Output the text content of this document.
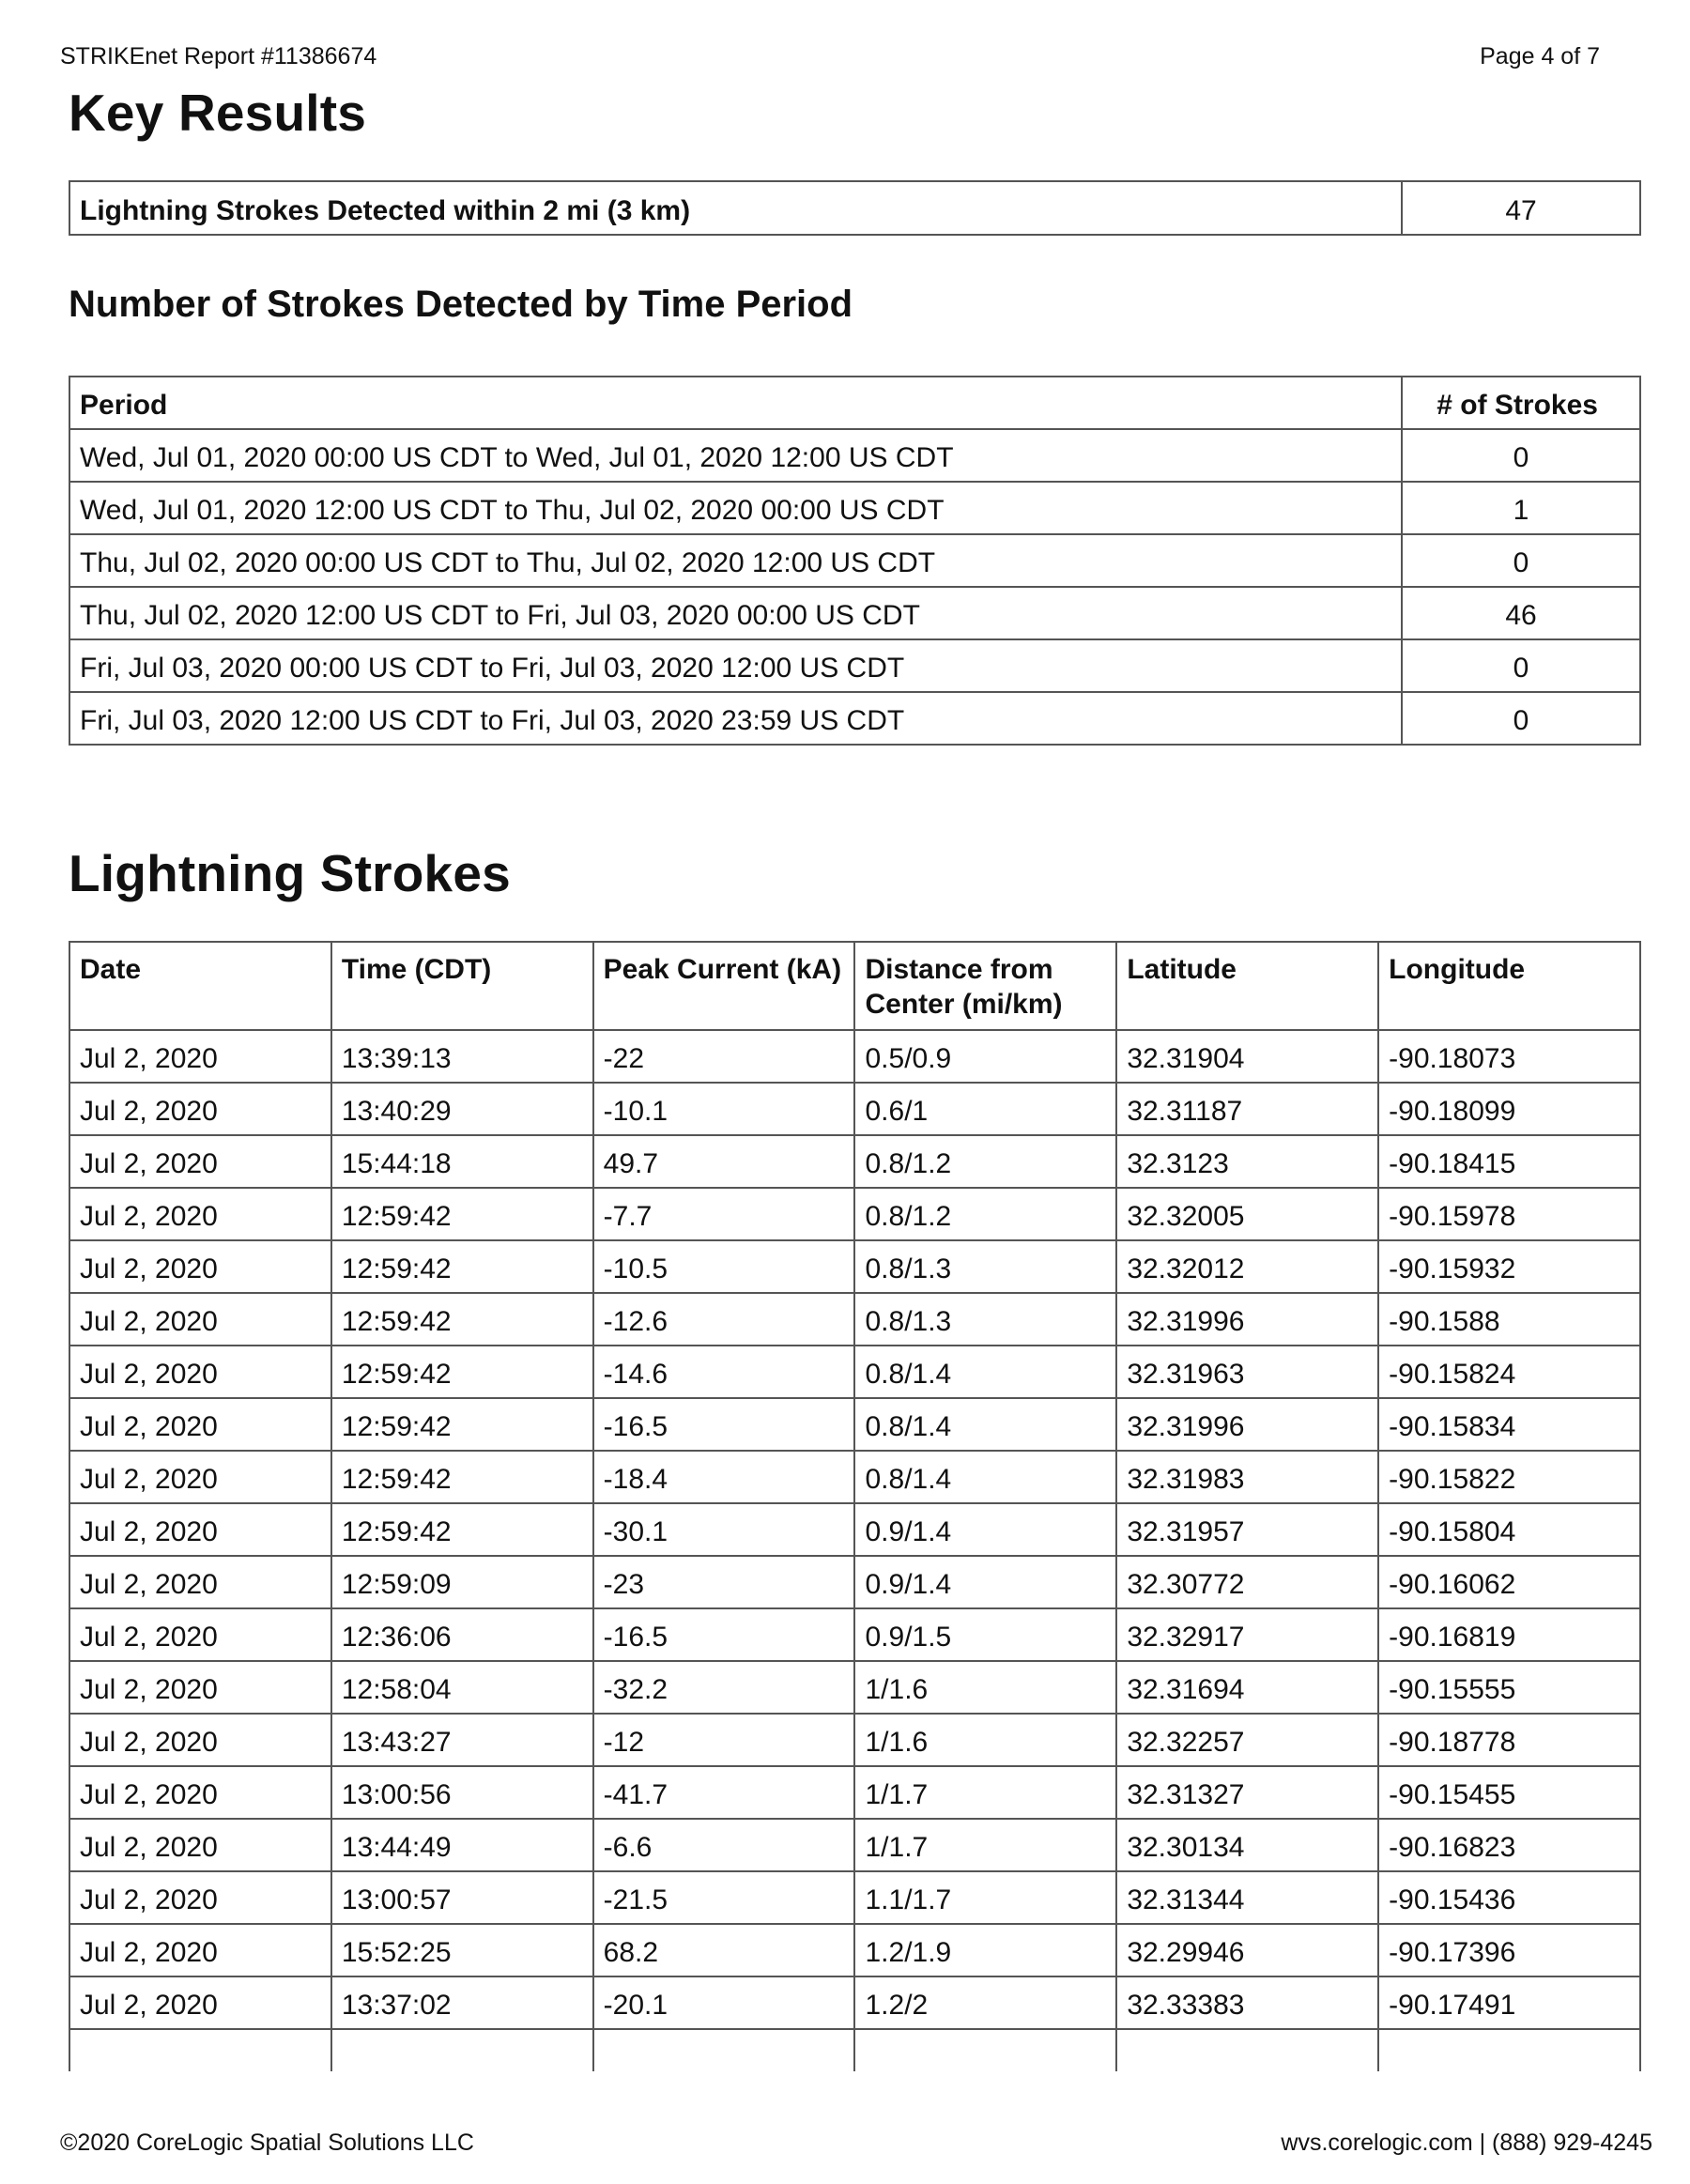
STRIKEnet Report #11386674	Page 4 of 7
Key Results
Lightning Strokes Detected within 2 mi (3 km)	47
Number of Strokes Detected by Time Period
Period	# of Strokes
Wed, Jul 01, 2020 00:00 US CDT to Wed, Jul 01, 2020 12:00 US CDT	0
Wed, Jul 01, 2020 12:00 US CDT to Thu, Jul 02, 2020 00:00 US CDT	1
Thu, Jul 02, 2020 00:00 US CDT to Thu, Jul 02, 2020 12:00 US CDT	0
Thu, Jul 02, 2020 12:00 US CDT to Fri, Jul 03, 2020 00:00 US CDT	46
Fri, Jul 03, 2020 00:00 US CDT to Fri, Jul 03, 2020 12:00 US CDT	0
Fri, Jul 03, 2020 12:00 US CDT to Fri, Jul 03, 2020 23:59 US CDT	0
Lightning Strokes
Date	Time (CDT)	Peak Current (kA)	Distance from Center (mi/km)	Latitude	Longitude
Jul 2, 2020	13:39:13	-22	0.5/0.9	32.31904	-90.18073
Jul 2, 2020	13:40:29	-10.1	0.6/1	32.31187	-90.18099
Jul 2, 2020	15:44:18	49.7	0.8/1.2	32.3123	-90.18415
Jul 2, 2020	12:59:42	-7.7	0.8/1.2	32.32005	-90.15978
Jul 2, 2020	12:59:42	-10.5	0.8/1.3	32.32012	-90.15932
Jul 2, 2020	12:59:42	-12.6	0.8/1.3	32.31996	-90.1588
Jul 2, 2020	12:59:42	-14.6	0.8/1.4	32.31963	-90.15824
Jul 2, 2020	12:59:42	-16.5	0.8/1.4	32.31996	-90.15834
Jul 2, 2020	12:59:42	-18.4	0.8/1.4	32.31983	-90.15822
Jul 2, 2020	12:59:42	-30.1	0.9/1.4	32.31957	-90.15804
Jul 2, 2020	12:59:09	-23	0.9/1.4	32.30772	-90.16062
Jul 2, 2020	12:36:06	-16.5	0.9/1.5	32.32917	-90.16819
Jul 2, 2020	12:58:04	-32.2	1/1.6	32.31694	-90.15555
Jul 2, 2020	13:43:27	-12	1/1.6	32.32257	-90.18778
Jul 2, 2020	13:00:56	-41.7	1/1.7	32.31327	-90.15455
Jul 2, 2020	13:44:49	-6.6	1/1.7	32.30134	-90.16823
Jul 2, 2020	13:00:57	-21.5	1.1/1.7	32.31344	-90.15436
Jul 2, 2020	15:52:25	68.2	1.2/1.9	32.29946	-90.17396
Jul 2, 2020	13:37:02	-20.1	1.2/2	32.33383	-90.17491

©2020 CoreLogic Spatial Solutions LLC	wvs.corelogic.com | (888) 929-4245
